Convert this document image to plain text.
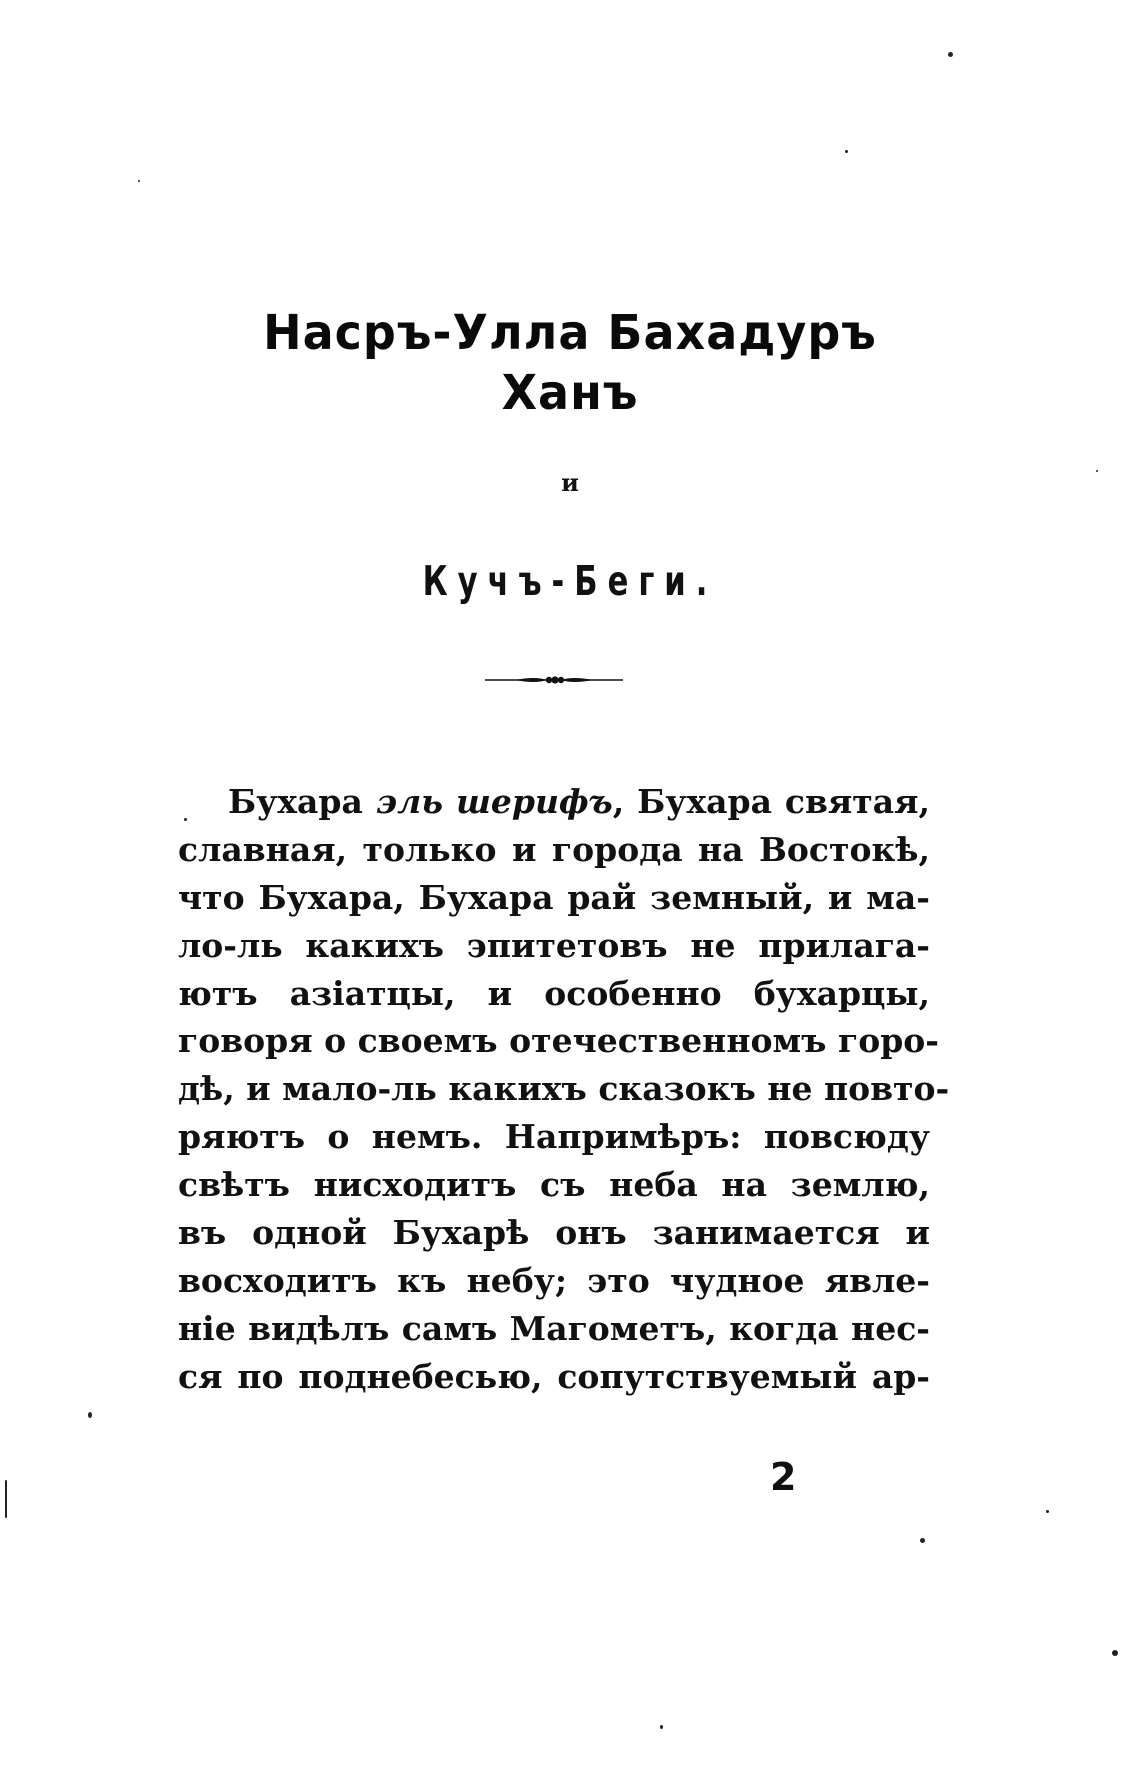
Насръ-Улла Бахадуръ
Ханъ
и
Кучъ-Беги.
Бухара эль шерифъ, Бухара святая,
славная, только и города на Востокѣ,
что Бухара, Бухара рай земный, и ма-
ло-ль какихъ эпитетовъ не прилага-
ютъ азіатцы, и особенно бухарцы,
говоря о своемъ отечественномъ горо-
дѣ, и мало-ль какихъ сказокъ не повто-
ряютъ о немъ. Напримѣръ: повсюду
свѣтъ нисходитъ съ неба на землю,
въ одной Бухарѣ онъ занимается и
восходитъ къ небу; это чудное явле-
ніе видѣлъ самъ Магометъ, когда нес-
ся по поднебесью, сопутствуемый ар-
2
